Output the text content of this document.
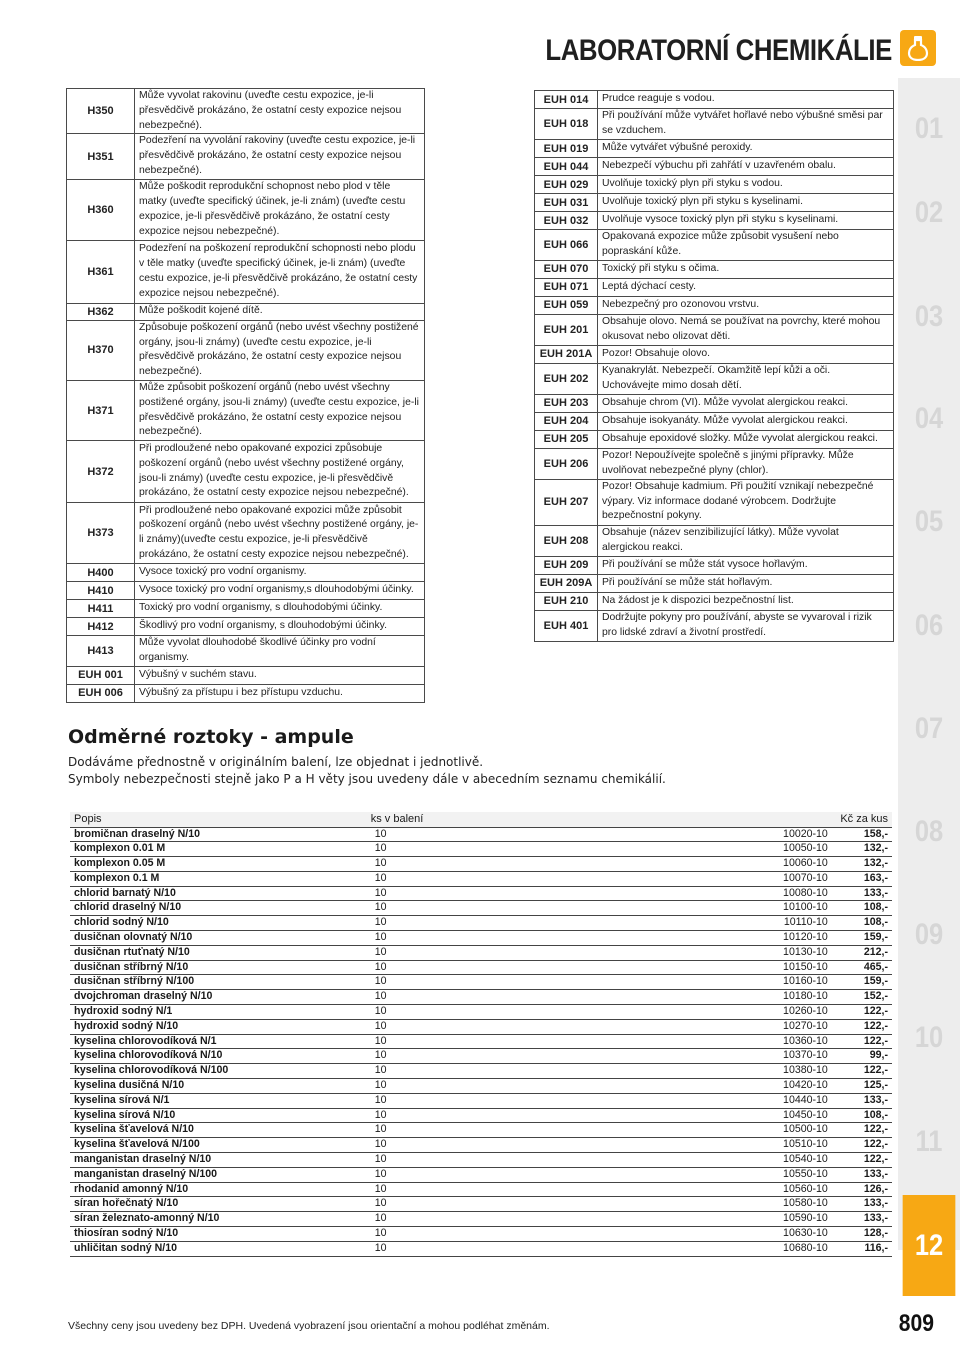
LABORATORNÍ CHEMIKÁLIE
01
02
03
04
05
06
07
08
09
10
11
12
H350	Může vyvolat rakovinu (uveďte cestu expozice, je-li přesvědčivě prokázáno, že ostatní cesty expozice nejsou nebezpečné).
H351	Podezření na vyvolání rakoviny (uveďte cestu expozice, je-li přesvědčivě prokázáno, že ostatní cesty expozice nejsou nebezpečné).
H360	Může poškodit reprodukční schopnost nebo plod v těle matky (uveďte specifický účinek, je-li znám) (uveďte cestu expozice, je-li přesvědčivě prokázáno, že ostatní cesty expozice nejsou nebezpečné).
H361	Podezření na poškození reprodukční schopnosti nebo plodu v těle matky (uveďte specifický účinek, je-li znám) (uveďte cestu expozice, je-li přesvědčivě prokázáno, že ostatní cesty expozice nejsou nebezpečné).
H362	Může poškodit kojené dítě.
H370	Způsobuje poškození orgánů (nebo uvést všechny postižené orgány, jsou-li známy) (uveďte cestu expozice, je-li přesvědčivě prokázáno, že ostatní cesty expozice nejsou nebezpečné).
H371	Může způsobit poškození orgánů (nebo uvést všechny postižené orgány, jsou-li známy) (uveďte cestu expozice, je-li přesvědčivě prokázáno, že ostatní cesty expozice nejsou nebezpečné).
H372	Při prodloužené nebo opakované expozici způsobuje poškození orgánů (nebo uvést všechny postižené orgány, jsou-li známy) (uveďte cestu expozice, je-li přesvědčivě prokázáno, že ostatní cesty expozice nejsou nebezpečné).
H373	Při prodloužené nebo opakované expozici může způsobit poškození orgánů (nebo uvést všechny postižené orgány, je-li známy)(uveďte cestu expozice, je-li přesvědčivě prokázáno, že ostatní cesty expozice nejsou nebezpečné).
H400	Vysoce toxický pro vodní organismy.
H410	Vysoce toxický pro vodní organismy,s dlouhodobými účinky.
H411	Toxický pro vodní organismy, s dlouhodobými účinky.
H412	Škodlivý pro vodní organismy, s dlouhodobými účinky.
H413	Může vyvolat dlouhodobé škodlivé účinky pro vodní organismy.
EUH 001	Výbušný v suchém stavu.
EUH 006	Výbušný za přístupu i bez přístupu vzduchu.
EUH 014	Prudce reaguje s vodou.
EUH 018	Při používání může vytvářet hořlavé nebo výbušné směsi par se vzduchem.
EUH 019	Může vytvářet výbušné peroxidy.
EUH 044	Nebezpečí výbuchu při zahřátí v uzavřeném obalu.
EUH 029	Uvolňuje toxický plyn při styku s vodou.
EUH 031	Uvolňuje toxický plyn při styku s kyselinami.
EUH 032	Uvolňuje vysoce toxický plyn při styku s kyselinami.
EUH 066	Opakovaná expozice může způsobit vysušení nebo popraskání kůže.
EUH 070	Toxický při styku s očima.
EUH 071	Leptá dýchací cesty.
EUH 059	Nebezpečný pro ozonovou vrstvu.
EUH 201	Obsahuje olovo. Nemá se používat na povrchy, které mohou okusovat nebo olizovat děti.
EUH 201A	Pozor! Obsahuje olovo.
EUH 202	Kyanakrylát. Nebezpečí. Okamžitě lepí kůži a oči. Uchovávejte mimo dosah dětí.
EUH 203	Obsahuje chrom (VI). Může vyvolat alergickou reakci.
EUH 204	Obsahuje isokyanáty. Může vyvolat alergickou reakci.
EUH 205	Obsahuje epoxidové složky. Může vyvolat alergickou reakci.
EUH 206	Pozor! Nepoužívejte společně s jinými přípravky. Může uvolňovat nebezpečné plyny (chlor).
EUH 207	Pozor! Obsahuje kadmium. Při použití vznikají nebezpečné výpary. Viz informace dodané výrobcem. Dodržujte bezpečnostní pokyny.
EUH 208	Obsahuje (název senzibilizující látky). Může vyvolat alergickou reakci.
EUH 209	Při používání se může stát vysoce hořlavým.
EUH 209A	Při používání se může stát hořlavým.
EUH 210	Na žádost je k dispozici bezpečnostní list.
EUH 401	Dodržujte pokyny pro používání, abyste se vyvaroval i rizik pro lidské zdraví a životní prostředí.
Odměrné roztoky - ampule
Dodáváme přednostně v originálním balení, lze objednat i jednotlivě.
Symboly nebezpečnosti stejně jako P a H věty jsou uvedeny dále v abecedním seznamu chemikálií.
Popis	ks v balení		Kč za kus
bromičnan draselný N/10	10	10020-10	158,-
komplexon 0.01 M	10	10050-10	132,-
komplexon 0.05 M	10	10060-10	132,-
komplexon 0.1 M	10	10070-10	163,-
chlorid barnatý N/10	10	10080-10	133,-
chlorid draselný N/10	10	10100-10	108,-
chlorid sodný N/10	10	10110-10	108,-
dusičnan olovnatý N/10	10	10120-10	159,-
dusičnan rtuťnatý N/10	10	10130-10	212,-
dusičnan stříbrný N/10	10	10150-10	465,-
dusičnan stříbrný N/100	10	10160-10	159,-
dvojchroman draselný N/10	10	10180-10	152,-
hydroxid sodný N/1	10	10260-10	122,-
hydroxid sodný N/10	10	10270-10	122,-
kyselina chlorovodíková N/1	10	10360-10	122,-
kyselina chlorovodíková N/10	10	10370-10	99,-
kyselina chlorovodíková N/100	10	10380-10	122,-
kyselina dusičná N/10	10	10420-10	125,-
kyselina sírová N/1	10	10440-10	133,-
kyselina sírová N/10	10	10450-10	108,-
kyselina šťavelová N/10	10	10500-10	122,-
kyselina šťavelová N/100	10	10510-10	122,-
manganistan draselný N/10	10	10540-10	122,-
manganistan draselný N/100	10	10550-10	133,-
rhodanid amonný N/10	10	10560-10	126,-
síran hořečnatý N/10	10	10580-10	133,-
síran železnato-amonný N/10	10	10590-10	133,-
thiosíran sodný N/10	10	10630-10	128,-
uhličitan sodný N/10	10	10680-10	116,-
Všechny ceny jsou uvedeny bez DPH. Uvedená vyobrazení jsou orientační a mohou podléhat změnám.	809
